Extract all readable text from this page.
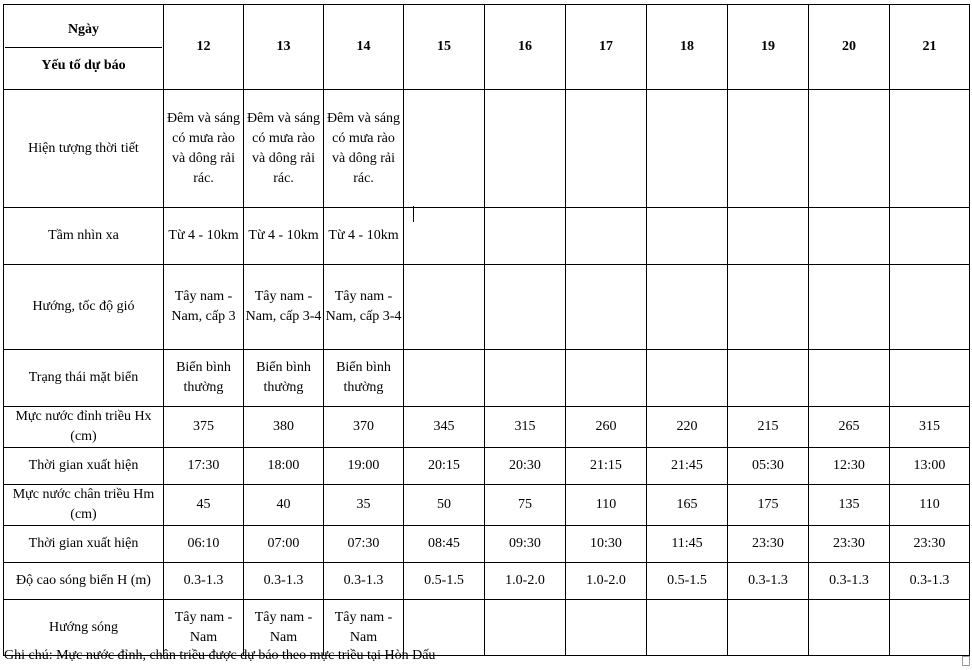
Ngày
Yếu tố dự báo	12	13	14	15	16	17	18	19	20	21
Hiện tượng thời tiết	Đêm và sáng có mưa rào và dông rải rác.	Đêm và sáng có mưa rào và dông rải rác.	Đêm và sáng có mưa rào và dông rải rác.							
Tầm nhìn xa	Từ 4 - 10km	Từ 4 - 10km	Từ 4 - 10km							
Hướng, tốc độ gió	Tây nam - Nam, cấp 3	Tây nam - Nam, cấp 3-4	Tây nam - Nam, cấp 3-4							
Trạng thái mặt biển	Biển bình thường	Biển bình thường	Biển bình thường							
Mực nước đỉnh triều Hx (cm)	375	380	370	345	315	260	220	215	265	315
Thời gian xuất hiện	17:30	18:00	19:00	20:15	20:30	21:15	21:45	05:30	12:30	13:00
Mực nước chân triều Hm (cm)	45	40	35	50	75	110	165	175	135	110
Thời gian xuất hiện	06:10	07:00	07:30	08:45	09:30	10:30	11:45	23:30	23:30	23:30
Độ cao sóng biển H (m)	0.3-1.3	0.3-1.3	0.3-1.3	0.5-1.5	1.0-2.0	1.0-2.0	0.5-1.5	0.3-1.3	0.3-1.3	0.3-1.3
Hướng sóng	Tây nam - Nam	Tây nam - Nam	Tây nam - Nam							
Ghi chú: Mực nước đỉnh, chân triều được dự báo theo mực triều tại Hòn Dấu
